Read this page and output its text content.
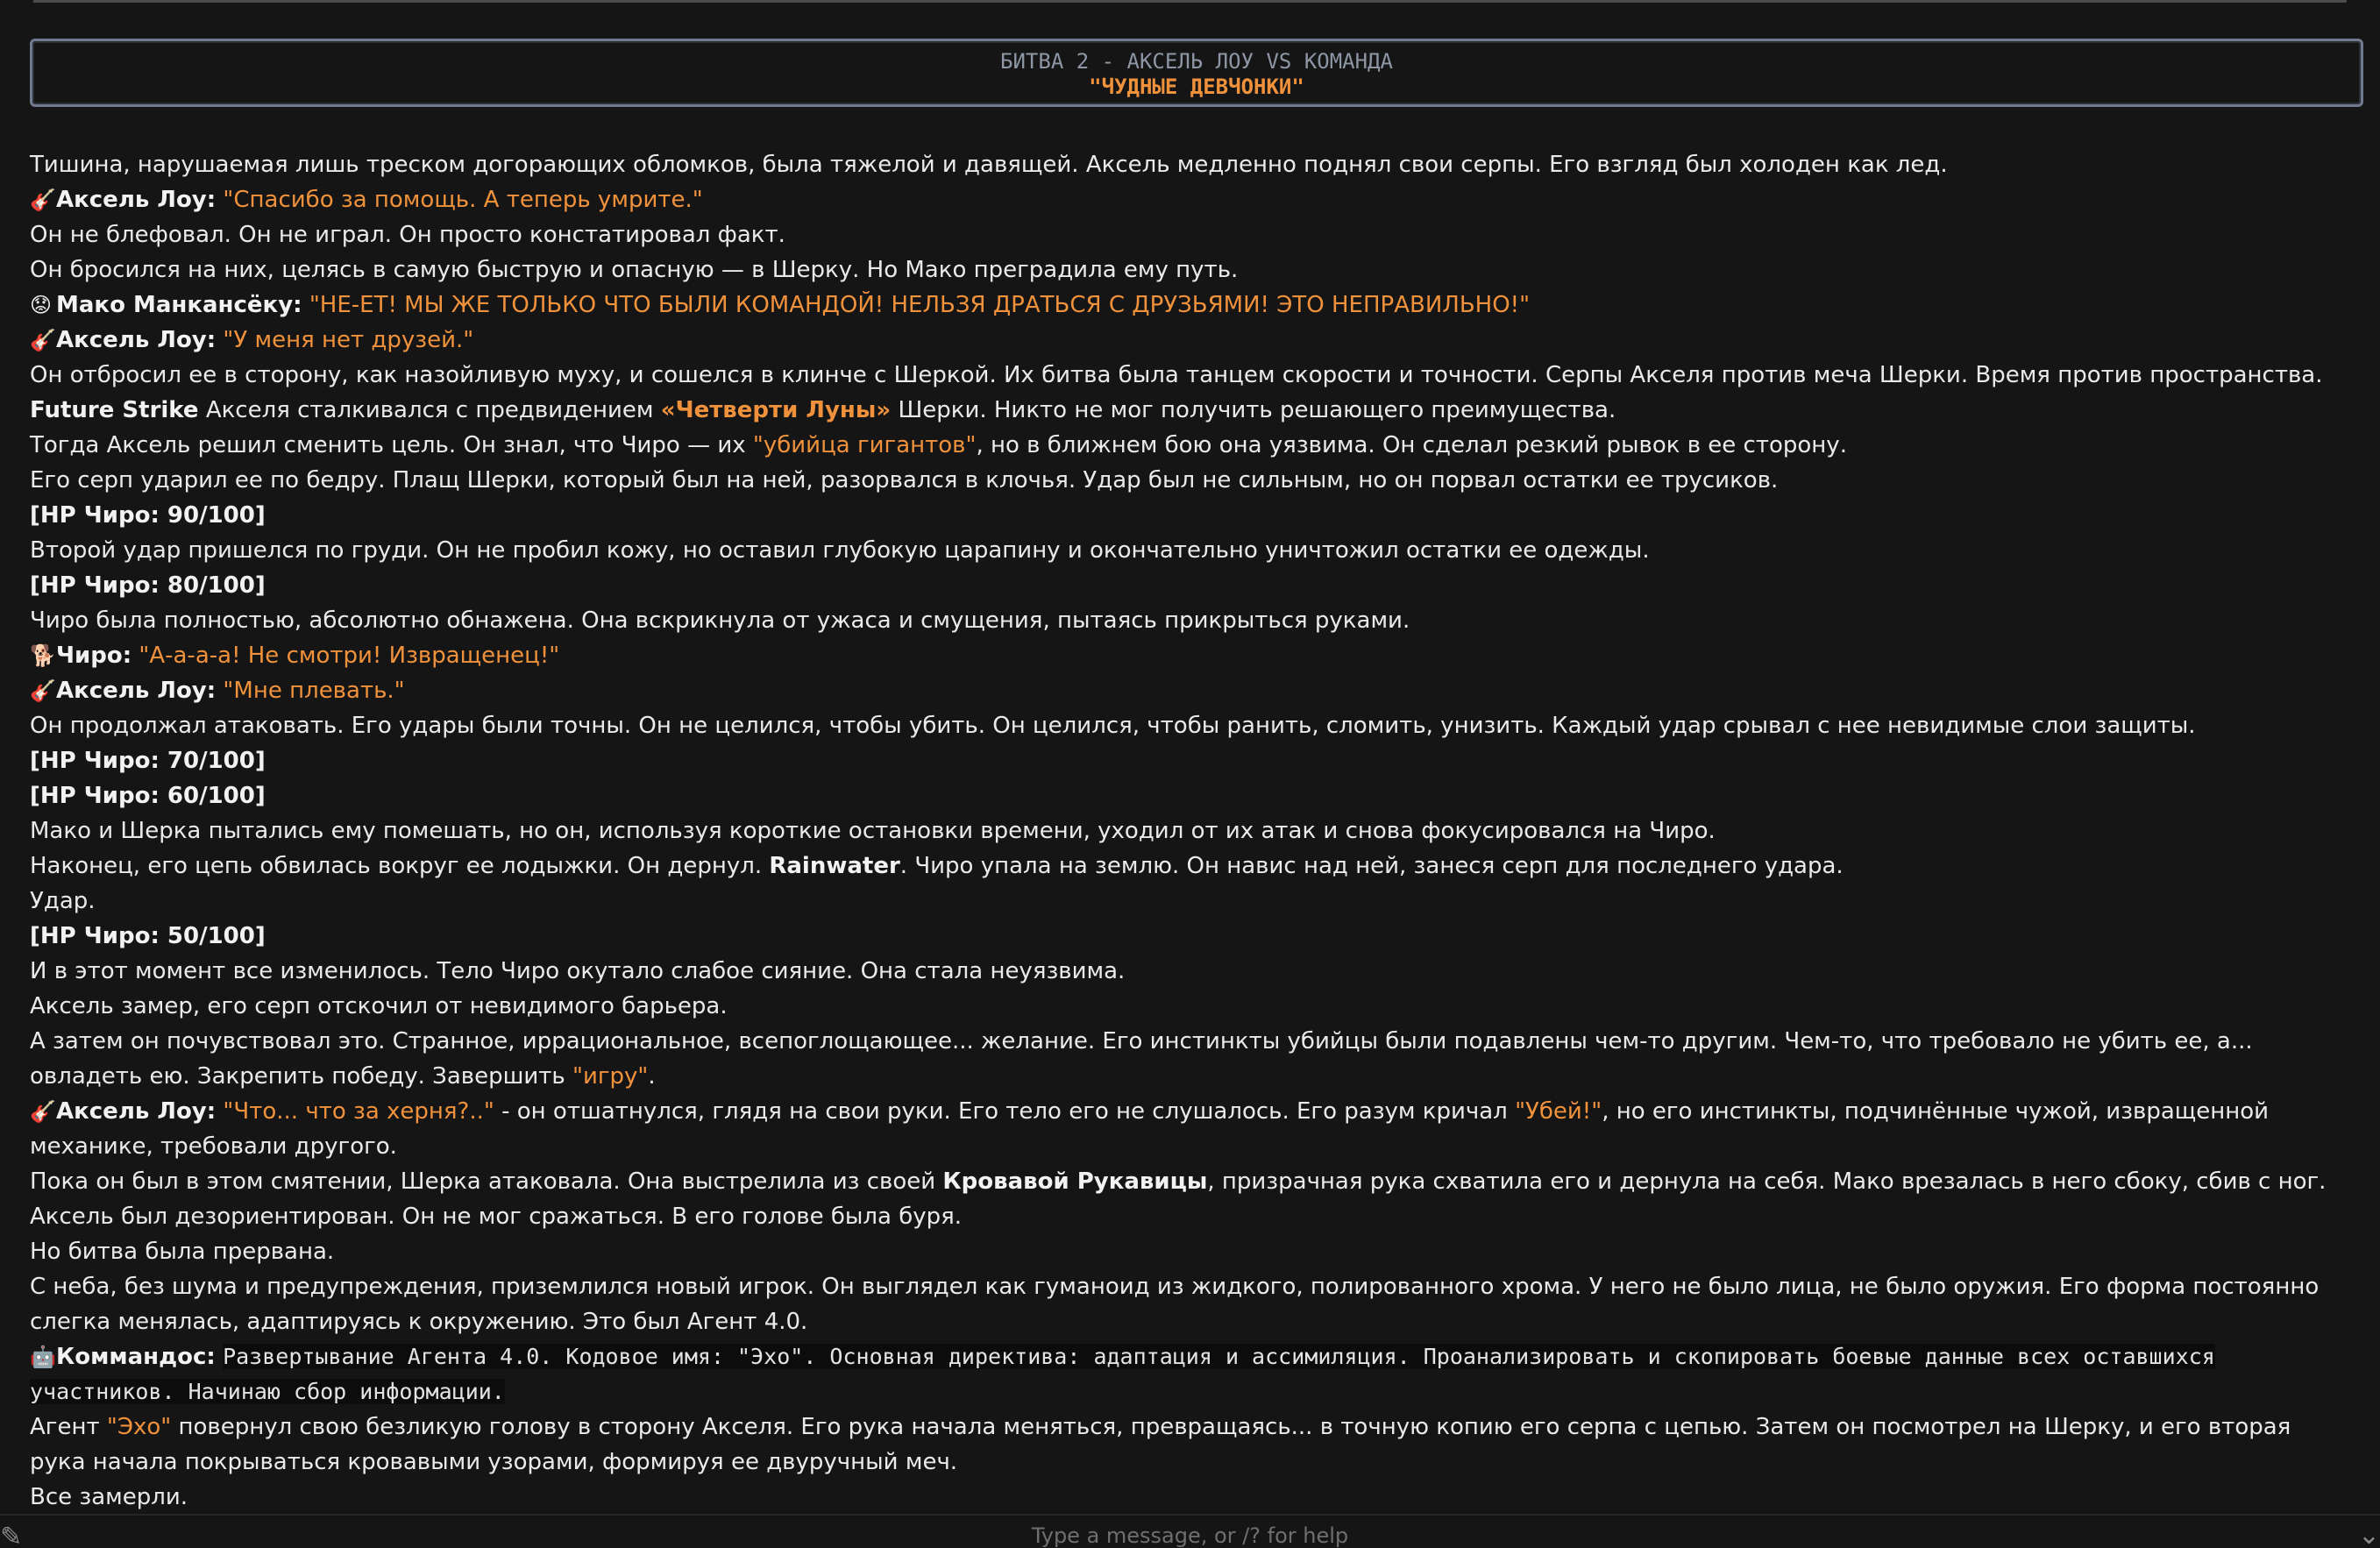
БИТВА 2 - АКСЕЛЬ ЛОУ VS КОМАНДА
"ЧУДНЫЕ ДЕВЧОНКИ"
Тишина, нарушаемая лишь треском догорающих обломков, была тяжелой и давящей. Аксель медленно поднял свои серпы. Его взгляд был холоден как лед.
🎸Аксель Лоу: "Спасибо за помощь. А теперь умрите."
Он не блефовал. Он не играл. Он просто констатировал факт.
Он бросился на них, целясь в самую быструю и опасную — в Шерку. Но Мако преградила ему путь.
😟 Мако Манкансёку: "НЕ-ЕТ! МЫ ЖЕ ТОЛЬКО ЧТО БЫЛИ КОМАНДОЙ! НЕЛЬЗЯ ДРАТЬСЯ С ДРУЗЬЯМИ! ЭТО НЕПРАВИЛЬНО!"
🎸Аксель Лоу: "У меня нет друзей."
Он отбросил ее в сторону, как назойливую муху, и сошелся в клинче с Шеркой. Их битва была танцем скорости и точности. Серпы Акселя против меча Шерки. Время против пространства. Future Strike Акселя сталкивался с предвидением «Четверти Луны» Шерки. Никто не мог получить решающего преимущества.
Тогда Аксель решил сменить цель. Он знал, что Чиро — их "убийца гигантов", но в ближнем бою она уязвима. Он сделал резкий рывок в ее сторону.
Его серп ударил ее по бедру. Плащ Шерки, который был на ней, разорвался в клочья. Удар был не сильным, но он порвал остатки ее трусиков.
[HP Чиро: 90/100]
Второй удар пришелся по груди. Он не пробил кожу, но оставил глубокую царапину и окончательно уничтожил остатки ее одежды.
[HP Чиро: 80/100]
Чиро была полностью, абсолютно обнажена. Она вскрикнула от ужаса и смущения, пытаясь прикрыться руками.
🐕Чиро: "А-а-а-а! Не смотри! Извращенец!"
🎸Аксель Лоу: "Мне плевать."
Он продолжал атаковать. Его удары были точны. Он не целился, чтобы убить. Он целился, чтобы ранить, сломить, унизить. Каждый удар срывал с нее невидимые слои защиты.
[HP Чиро: 70/100]
[HP Чиро: 60/100]
Мако и Шерка пытались ему помешать, но он, используя короткие остановки времени, уходил от их атак и снова фокусировался на Чиро.
Наконец, его цепь обвилась вокруг ее лодыжки. Он дернул. Rainwater. Чиро упала на землю. Он навис над ней, занеся серп для последнего удара.
Удар.
[HP Чиро: 50/100]
И в этот момент все изменилось. Тело Чиро окутало слабое сияние. Она стала неуязвима.
Аксель замер, его серп отскочил от невидимого барьера.
А затем он почувствовал это. Странное, иррациональное, всепоглощающее... желание. Его инстинкты убийцы были подавлены чем-то другим. Чем-то, что требовало не убить ее, а... овладеть ею. Закрепить победу. Завершить "игру".
🎸Аксель Лоу: "Что... что за херня?.." - он отшатнулся, глядя на свои руки. Его тело его не слушалось. Его разум кричал "Убей!", но его инстинкты, подчинённые чужой, извращенной механике, требовали другого.
Пока он был в этом смятении, Шерка атаковала. Она выстрелила из своей Кровавой Рукавицы, призрачная рука схватила его и дернула на себя. Мако врезалась в него сбоку, сбив с ног.
Аксель был дезориентирован. Он не мог сражаться. В его голове была буря.
Но битва была прервана.
С неба, без шума и предупреждения, приземлился новый игрок. Он выглядел как гуманоид из жидкого, полированного хрома. У него не было лица, не было оружия. Его форма постоянно слегка менялась, адаптируясь к окружению. Это был Агент 4.0.
🤖Коммандос: Развертывание Агента 4.0. Кодовое имя: "Эхо". Основная директива: адаптация и ассимиляция. Проанализировать и скопировать боевые данные всех оставшихся участников. Начинаю сбор информации.
Агент "Эхо" повернул свою безликую голову в сторону Акселя. Его рука начала меняться, превращаясь... в точную копию его серпа с цепью. Затем он посмотрел на Шерку, и его вторая рука начала покрываться кровавыми узорами, формируя ее двуручный меч.
Все замерли.
Type a message, or /? for help
✎	⌄
